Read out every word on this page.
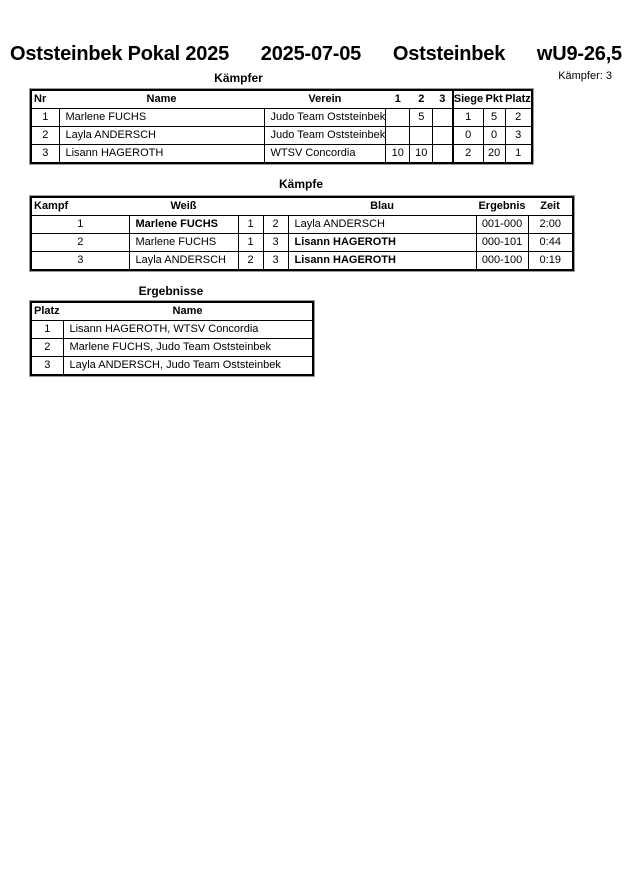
Oststeinbek Pokal 2025 2025-07-05 Oststeinbek wU9-26,5
Kämpfer: 3
Kämpfer
Nr	Name	Verein	1	2	3	Siege	Pkt	Platz
1	Marlene FUCHS	Judo Team Oststeinbek		5		1	5	2
2	Layla ANDERSCH	Judo Team Oststeinbek				0	0	3
3	Lisann HAGEROTH	WTSV Concordia	10	10		2	20	1
Kämpfe
Kampf	Weiß			Blau	Ergebnis	Zeit
1	Marlene FUCHS	1	2	Layla ANDERSCH	001-000	2:00
2	Marlene FUCHS	1	3	Lisann HAGEROTH	000-101	0:44
3	Layla ANDERSCH	2	3	Lisann HAGEROTH	000-100	0:19
Ergebnisse
Platz	Name
1	Lisann HAGEROTH, WTSV Concordia
2	Marlene FUCHS, Judo Team Oststeinbek
3	Layla ANDERSCH, Judo Team Oststeinbek
